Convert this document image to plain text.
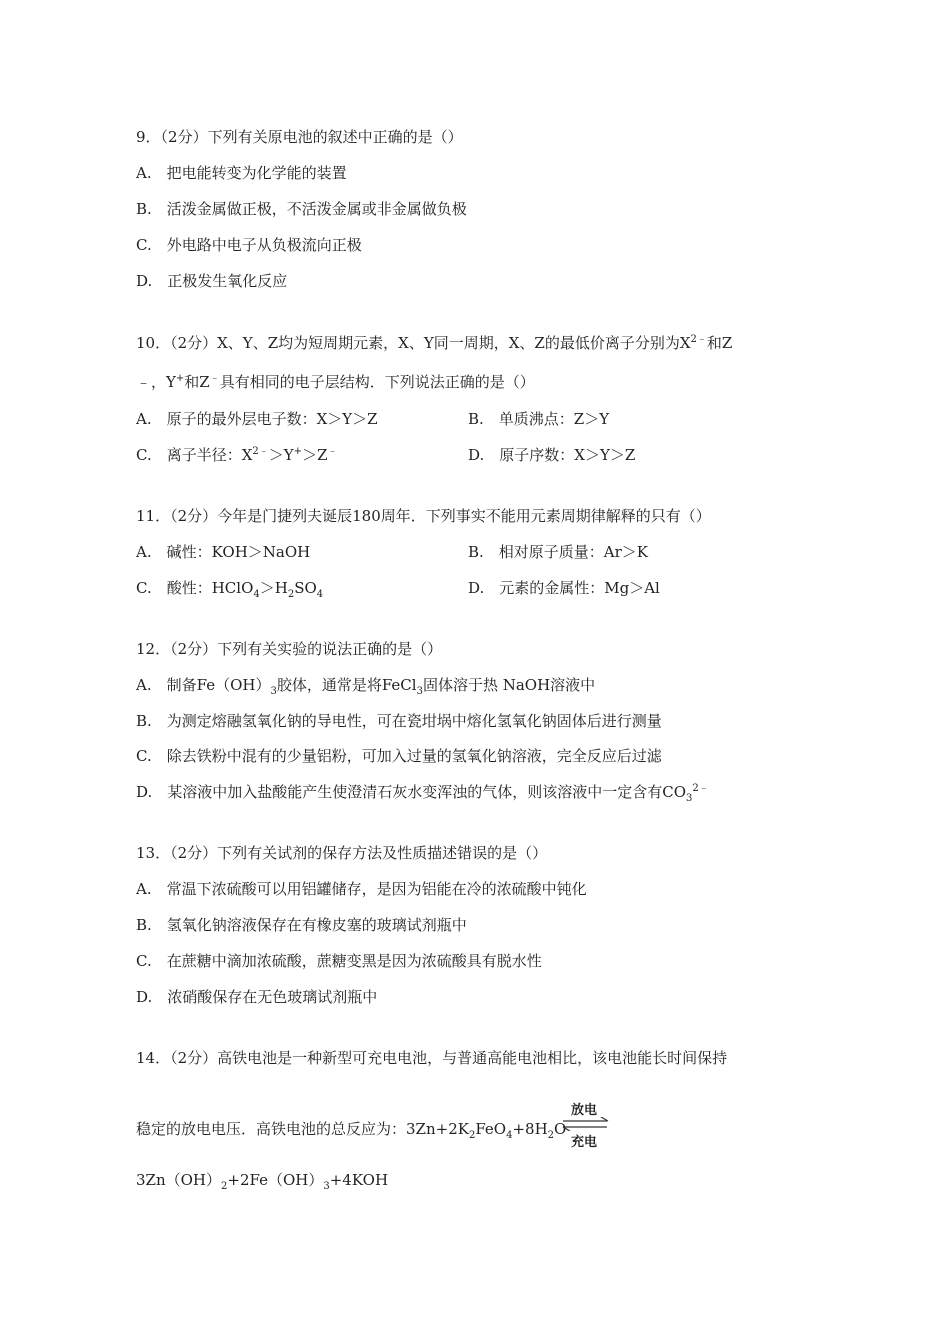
9．（2分）下列有关原电池的叙述中正确的是（）
A.　把电能转变为化学能的装置
B.　活泼金属做正极，不活泼金属或非金属做负极
C.　外电路中电子从负极流向正极
D.　正极发生氧化反应
10．（2分）X、Y、Z均为短周期元素，X、Y同一周期，X、Z的最低价离子分别为$X^{2﹣}$和Z
﹣，Y+和Z﹣具有相同的电子层结构．下列说法正确的是（）
A.　原子的最外层电子数：X＞Y＞Z	B.　单质沸点：Z＞Y
C.　离子半径：$X^{2﹣}>Y^+>Z^﹣$	D.　原子序数：X＞Y＞Z
11．（2分）今年是门捷列夫诞辰180周年．下列事实不能用元素周期律解释的只有（）
A.　碱性：KOH＞NaOH	B.　相对原子质量：Ar＞K
C.　酸性：$HClO_4>H_2SO_4$	D.　元素的金属性：Mg＞Al
12．（2分）下列有关实验的说法正确的是（）
A.　制备$Fe(OH)_3$胶体，通常是将FeCl$_3$固体溶于热 NaOH溶液中
B.　为测定熔融氢氧化钠的导电性，可在瓷坩埚中熔化氢氧化钠固体后进行测量
C.　除去铁粉中混有的少量铝粉，可加入过量的氢氧化钠溶液，完全反应后过滤
D.　某溶液中加入盐酸能产生使澄清石灰水变浑浊的气体，则该溶液中一定含有$CO_3^{2﹣}$
13．（2分）下列有关试剂的保存方法及性质描述错误的是（）
A.　常温下浓硫酸可以用铝罐储存，是因为铝能在冷的浓硫酸中钝化
B.　氢氧化钠溶液保存在有橡皮塞的玻璃试剂瓶中
C.　在蔗糖中滴加浓硫酸，蔗糖变黑是因为浓硫酸具有脱水性
D.　浓硝酸保存在无色玻璃试剂瓶中
14．（2分）高铁电池是一种新型可充电电池，与普通高能电池相比，该电池能长时间保持
稳定的放电电压．高铁电池的总反应为：$3Zn+2K_2FeO_4+8H_2O$
放电
充电
$3Zn(OH)_2+2Fe(OH)_3+4KOH$
